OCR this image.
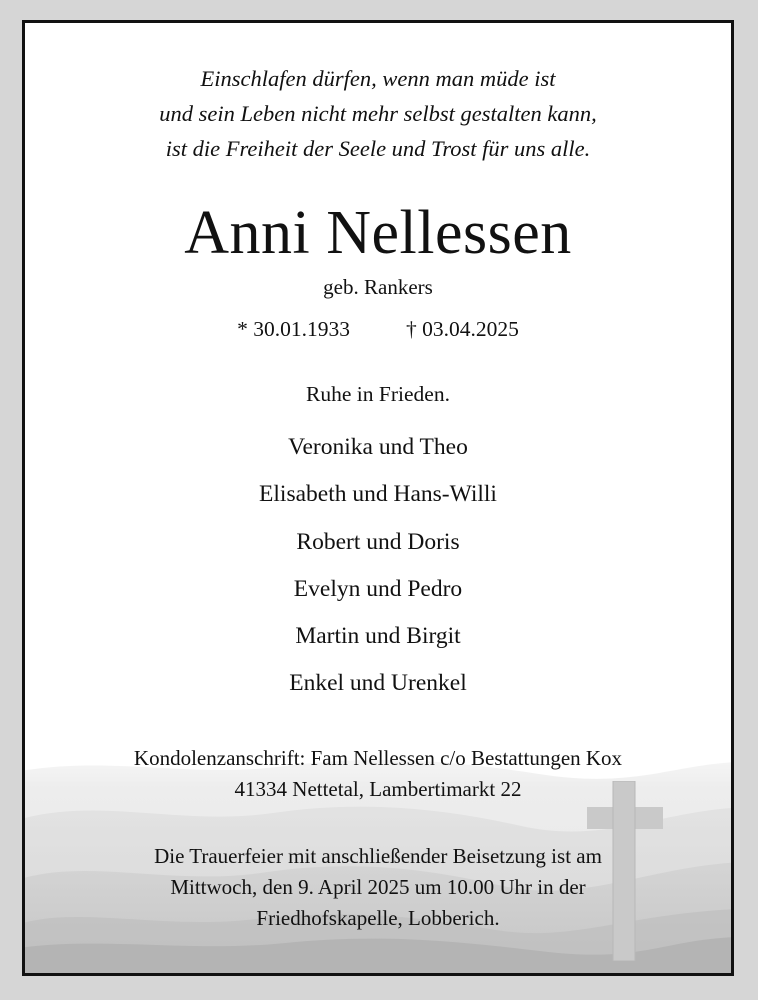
Einschlafen dürfen, wenn man müde ist
und sein Leben nicht mehr selbst gestalten kann,
ist die Freiheit der Seele und Trost für uns alle.
Anni Nellessen
geb. Rankers
* 30.01.1933	† 03.04.2025
Ruhe in Frieden.
Veronika und Theo
Elisabeth und Hans-Willi
Robert und Doris
Evelyn und Pedro
Martin und Birgit
Enkel und Urenkel
Kondolenzanschrift: Fam Nellessen c/o Bestattungen Kox
41334 Nettetal, Lambertimarkt 22
Die Trauerfeier mit anschließender Beisetzung ist am
Mittwoch, den 9. April 2025 um 10.00 Uhr in der
Friedhofskapelle, Lobberich.
